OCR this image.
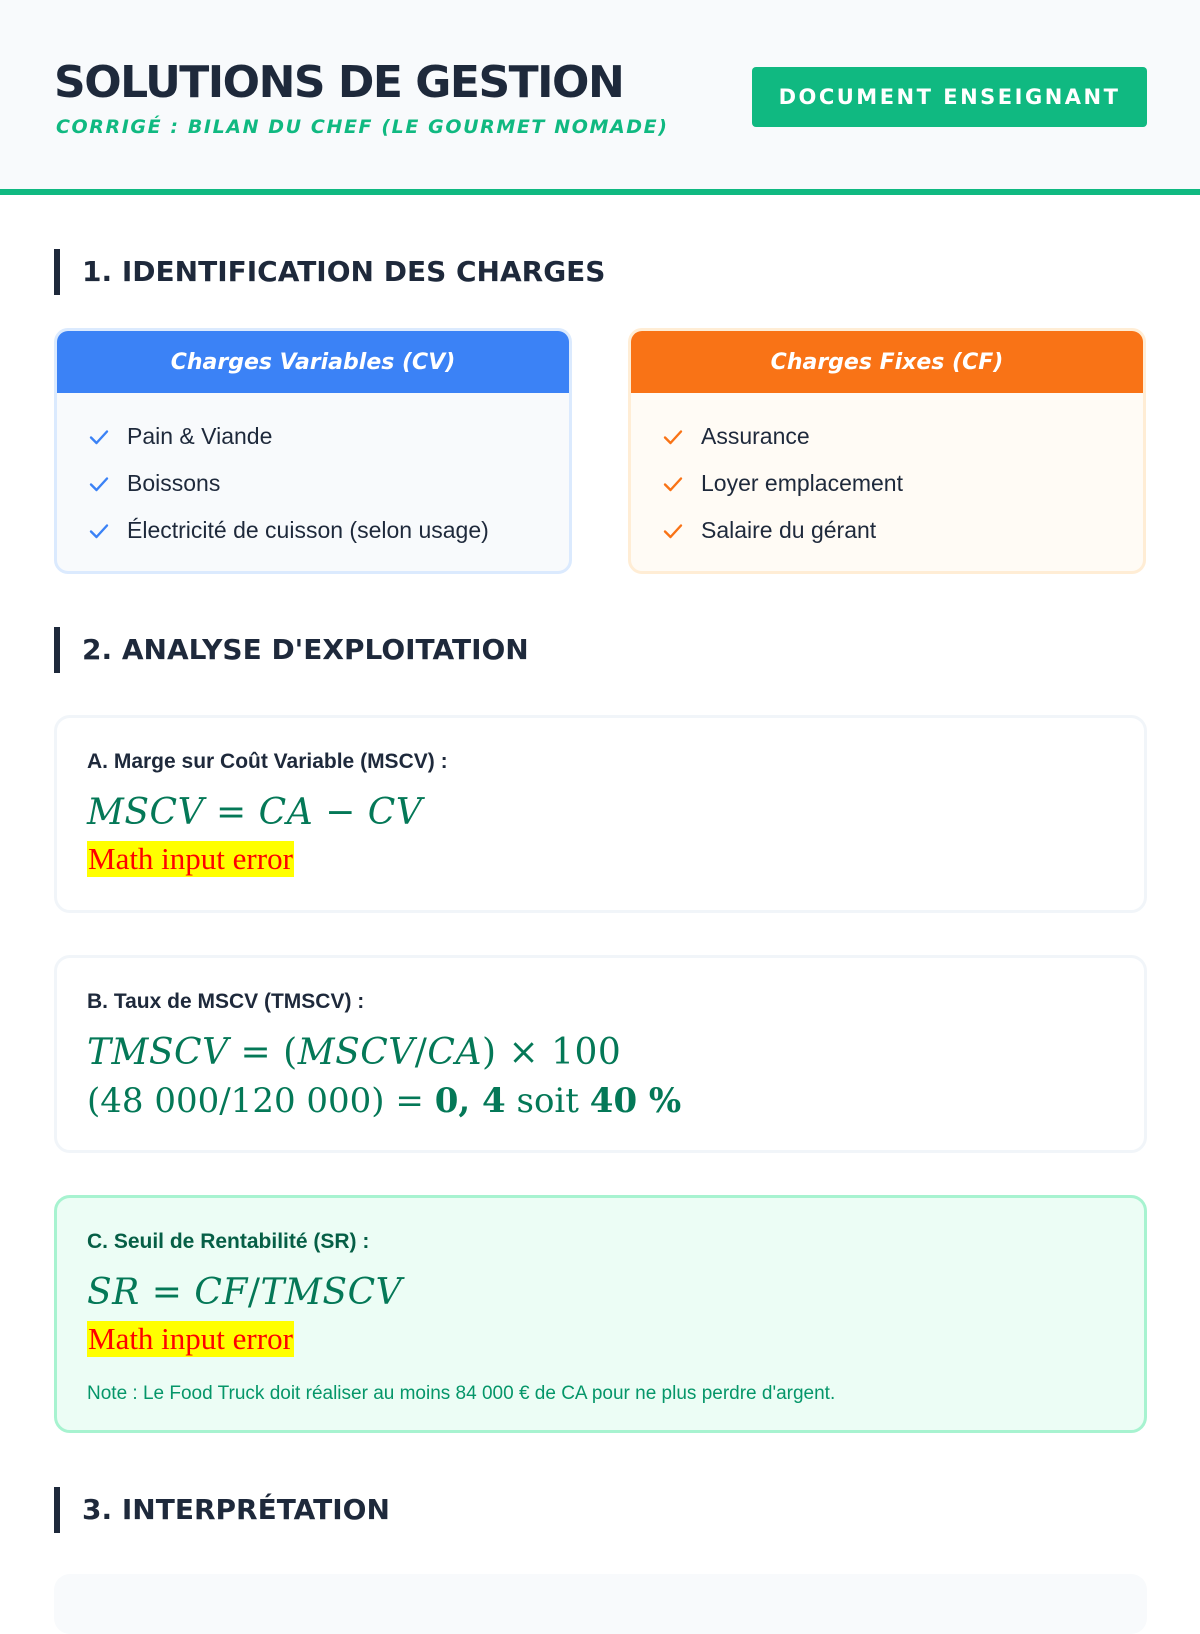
SOLUTIONS DE GESTION
CORRIGÉ : BILAN DU CHEF (LE GOURMET NOMADE)
DOCUMENT ENSEIGNANT
1. IDENTIFICATION DES CHARGES
Charges Variables (CV)
Pain & Viande
Boissons
Électricité de cuisson (selon usage)
Charges Fixes (CF)
Assurance
Loyer emplacement
Salaire du gérant
2. ANALYSE D'EXPLOITATION
A. Marge sur Coût Variable (MSCV) :
MSCV = CA − CV
Math input error
B. Taux de MSCV (TMSCV) :
TMSCV = (MSCV/CA) × 100
(48 000/120 000) = 0, 4 soit 40 %
C. Seuil de Rentabilité (SR) :
SR = CF/TMSCV
Math input error
Note : Le Food Truck doit réaliser au moins 84 000 € de CA pour ne plus perdre d'argent.
3. INTERPRÉTATION
